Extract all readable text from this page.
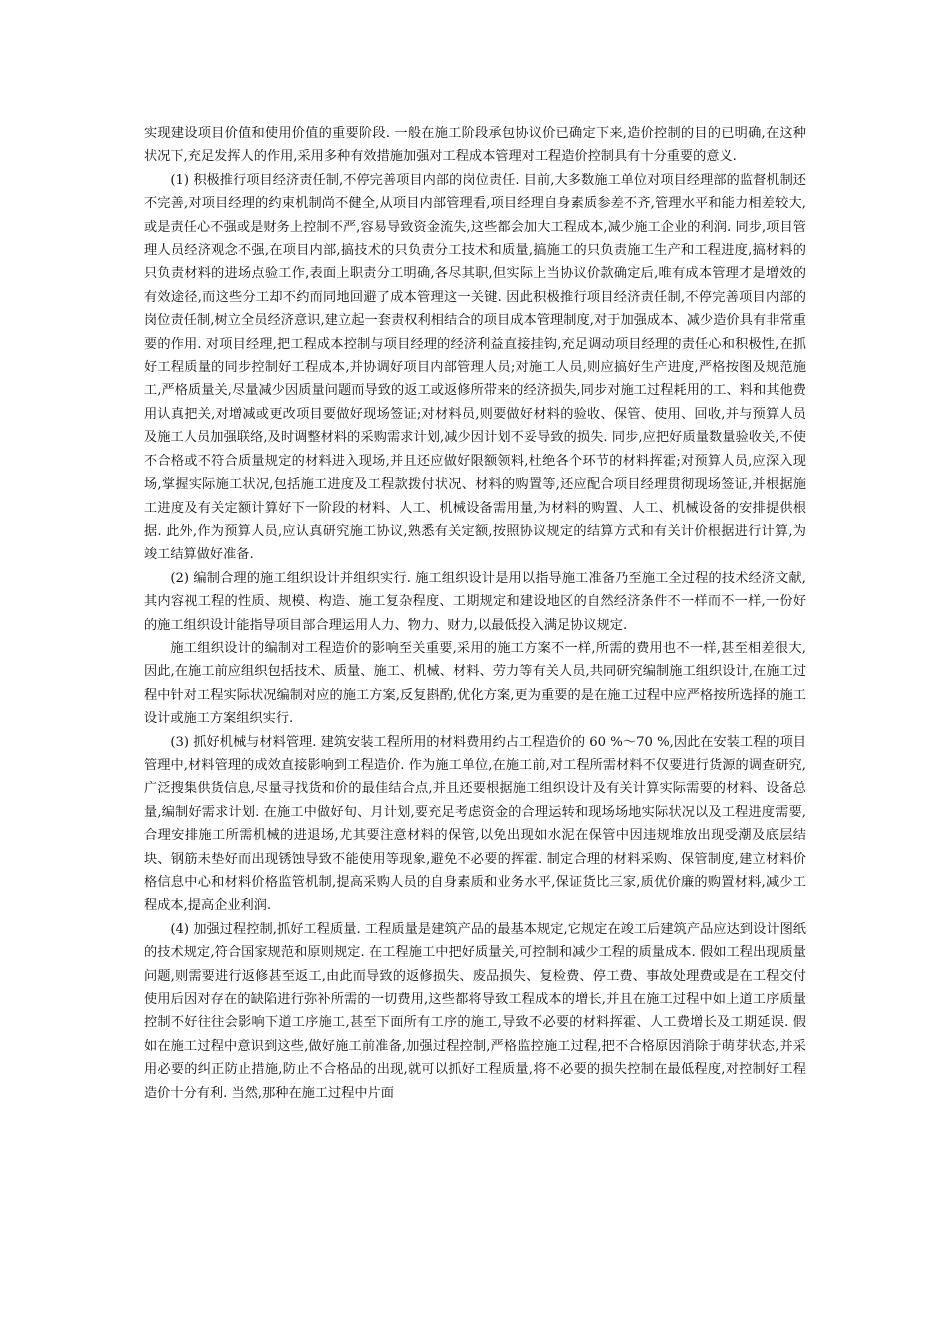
实现建设项目价值和使用价值的重要阶段. 一般在施工阶段承包协议价已确定下来,造价控制的目的已明确,在这种状况下,充足发挥人的作用,采用多种有效措施加强对工程成本管理对工程造价控制具有十分重要的意义.

(1) 积极推行项目经济责任制,不停完善项目内部的岗位责任. 目前,大多数施工单位对项目经理部的监督机制还不完善,对项目经理的约束机制尚不健全,从项目内部管理看,项目经理自身素质参差不齐,管理水平和能力相差较大,或是责任心不强或是财务上控制不严,容易导致资金流失,这些都会加大工程成本,减少施工企业的利润. 同步,项目管理人员经济观念不强,在项目内部,搞技术的只负责分工技术和质量,搞施工的只负责施工生产和工程进度,搞材料的只负责材料的进场点验工作,表面上职责分工明确,各尽其职,但实际上当协议价款确定后,唯有成本管理才是增效的有效途径,而这些分工却不约而同地回避了成本管理这一关键. 因此积极推行项目经济责任制,不停完善项目内部的岗位责任制,树立全员经济意识,建立起一套责权利相结合的项目成本管理制度,对于加强成本、减少造价具有非常重要的作用. 对项目经理,把工程成本控制与项目经理的经济利益直接挂钩,充足调动项目经理的责任心和积极性,在抓好工程质量的同步控制好工程成本,并协调好项目内部管理人员;对施工人员,则应搞好生产进度,严格按图及规范施工,严格质量关,尽量减少因质量问题而导致的返工或返修所带来的经济损失,同步对施工过程耗用的工、料和其他费用认真把关,对增减或更改项目要做好现场签证;对材料员,则要做好材料的验收、保管、使用、回收,并与预算人员及施工人员加强联络,及时调整材料的采购需求计划,减少因计划不妥导致的损失. 同步,应把好质量数量验收关,不使不合格或不符合质量规定的材料进入现场,并且还应做好限额领料,杜绝各个环节的材料挥霍;对预算人员,应深入现场,掌握实际施工状况,包括施工进度及工程款拨付状况、材料的购置等,还应配合项目经理贯彻现场签证,并根据施工进度及有关定额计算好下一阶段的材料、人工、机械设备需用量,为材料的购置、人工、机械设备的安排提供根据. 此外,作为预算人员,应认真研究施工协议,熟悉有关定额,按照协议规定的结算方式和有关计价根据进行计算,为竣工结算做好准备.

(2) 编制合理的施工组织设计并组织实行. 施工组织设计是用以指导施工准备乃至施工全过程的技术经济文献,其内容视工程的性质、规模、构造、施工复杂程度、工期规定和建设地区的自然经济条件不一样而不一样,一份好的施工组织设计能指导项目部合理运用人力、物力、财力,以最低投入满足协议规定.

施工组织设计的编制对工程造价的影响至关重要,采用的施工方案不一样,所需的费用也不一样,甚至相差很大,因此,在施工前应组织包括技术、质量、施工、机械、材料、劳力等有关人员,共同研究编制施工组织设计,在施工过程中针对工程实际状况编制对应的施工方案,反复斟酌,优化方案,更为重要的是在施工过程中应严格按所选择的施工设计或施工方案组织实行.

(3) 抓好机械与材料管理. 建筑安装工程所用的材料费用约占工程造价的 60 %～70 %,因此在安装工程的项目管理中,材料管理的成效直接影响到工程造价. 作为施工单位,在施工前,对工程所需材料不仅要进行货源的调查研究,广泛搜集供货信息,尽量寻找货和价的最佳结合点,并且还要根据施工组织设计及有关计算实际需要的材料、设备总量,编制好需求计划. 在施工中做好旬、月计划,要充足考虑资金的合理运转和现场场地实际状况以及工程进度需要,合理安排施工所需机械的进退场,尤其要注意材料的保管,以免出现如水泥在保管中因违规堆放出现受潮及底层结块、钢筋未垫好而出现锈蚀导致不能使用等现象,避免不必要的挥霍. 制定合理的材料采购、保管制度,建立材料价格信息中心和材料价格监管机制,提高采购人员的自身素质和业务水平,保证货比三家,质优价廉的购置材料,减少工程成本,提高企业利润.

(4) 加强过程控制,抓好工程质量. 工程质量是建筑产品的最基本规定,它规定在竣工后建筑产品应达到设计图纸的技术规定,符合国家规范和原则规定. 在工程施工中把好质量关,可控制和减少工程的质量成本. 假如工程出现质量问题,则需要进行返修甚至返工,由此而导致的返修损失、废品损失、复检费、停工费、事故处理费或是在工程交付使用后因对存在的缺陷进行弥补所需的一切费用,这些都将导致工程成本的增长,并且在施工过程中如上道工序质量控制不好往往会影响下道工序施工,甚至下面所有工序的施工,导致不必要的材料挥霍、人工费增长及工期延误. 假如在施工过程中意识到这些,做好施工前准备,加强过程控制,严格监控施工过程,把不合格原因消除于萌芽状态,并采用必要的纠正防止措施,防止不合格品的出现,就可以抓好工程质量,将不必要的损失控制在最低程度,对控制好工程造价十分有利. 当然,那种在施工过程中片面
